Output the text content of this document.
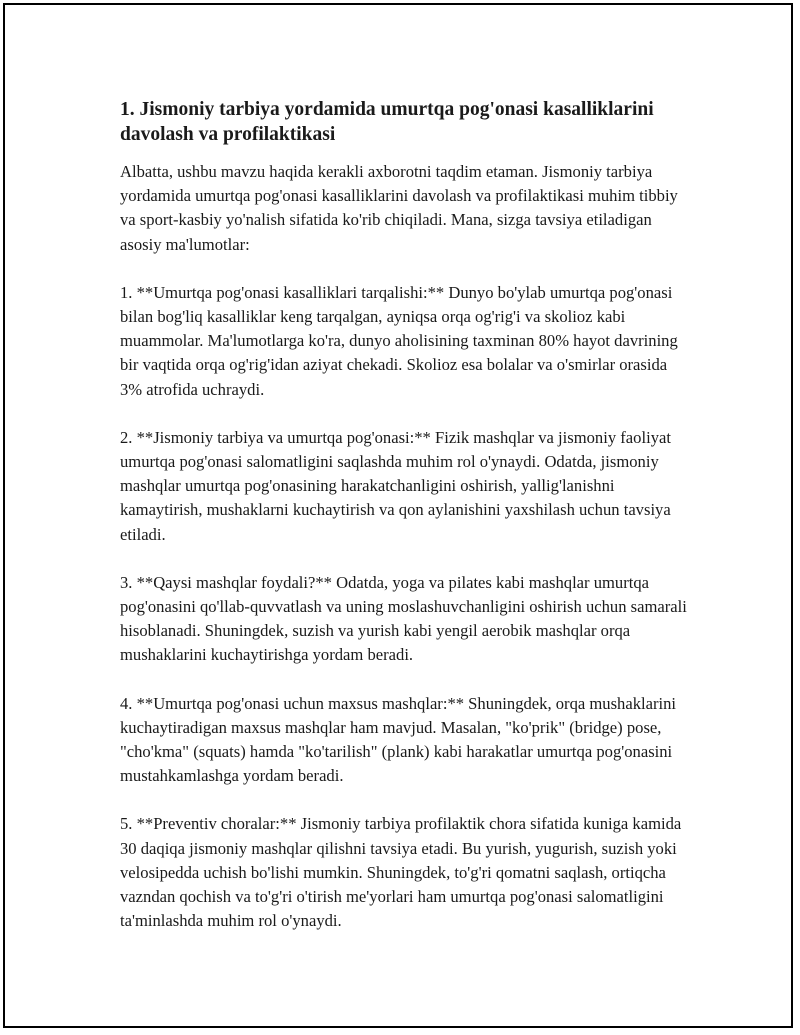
1. Jismoniy tarbiya yordamida umurtqa pog'onasi kasalliklarini davolash va profilaktikasi

Albatta, ushbu mavzu haqida kerakli axborotni taqdim etaman. Jismoniy tarbiya yordamida umurtqa pog'onasi kasalliklarini davolash va profilaktikasi muhim tibbiy va sport-kasbiy yo'nalish sifatida ko'rib chiqiladi. Mana, sizga tavsiya etiladigan asosiy ma'lumotlar:

1. **Umurtqa pog'onasi kasalliklari tarqalishi:** Dunyo bo'ylab umurtqa pog'onasi bilan bog'liq kasalliklar keng tarqalgan, ayniqsa orqa og'rig'i va skolioz kabi muammolar. Ma'lumotlarga ko'ra, dunyo aholisining taxminan 80% hayot davrining bir vaqtida orqa og'rig'idan aziyat chekadi. Skolioz esa bolalar va o'smirlar orasida 3% atrofida uchraydi.

2. **Jismoniy tarbiya va umurtqa pog'onasi:** Fizik mashqlar va jismoniy faoliyat umurtqa pog'onasi salomatligini saqlashda muhim rol o'ynaydi. Odatda, jismoniy mashqlar umurtqa pog'onasining harakatchanligini oshirish, yallig'lanishni kamaytirish, mushaklarni kuchaytirish va qon aylanishini yaxshilash uchun tavsiya etiladi.

3. **Qaysi mashqlar foydali?** Odatda, yoga va pilates kabi mashqlar umurtqa pog'onasini qo'llab-quvvatlash va uning moslashuvchanligini oshirish uchun samarali hisoblanadi. Shuningdek, suzish va yurish kabi yengil aerobik mashqlar orqa mushaklarini kuchaytirishga yordam beradi.

4. **Umurtqa pog'onasi uchun maxsus mashqlar:** Shuningdek, orqa mushaklarini kuchaytiradigan maxsus mashqlar ham mavjud. Masalan, "ko'prik" (bridge) pose, "cho'kma" (squats) hamda "ko'tarilish" (plank) kabi harakatlar umurtqa pog'onasini mustahkamlashga yordam beradi.

5. **Preventiv choralar:** Jismoniy tarbiya profilaktik chora sifatida kuniga kamida 30 daqiqa jismoniy mashqlar qilishni tavsiya etadi. Bu yurish, yugurish, suzish yoki velosipedda uchish bo'lishi mumkin. Shuningdek, to'g'ri qomatni saqlash, ortiqcha vazndan qochish va to'g'ri o'tirish me'yorlari ham umurtqa pog'onasi salomatligini ta'minlashda muhim rol o'ynaydi.
